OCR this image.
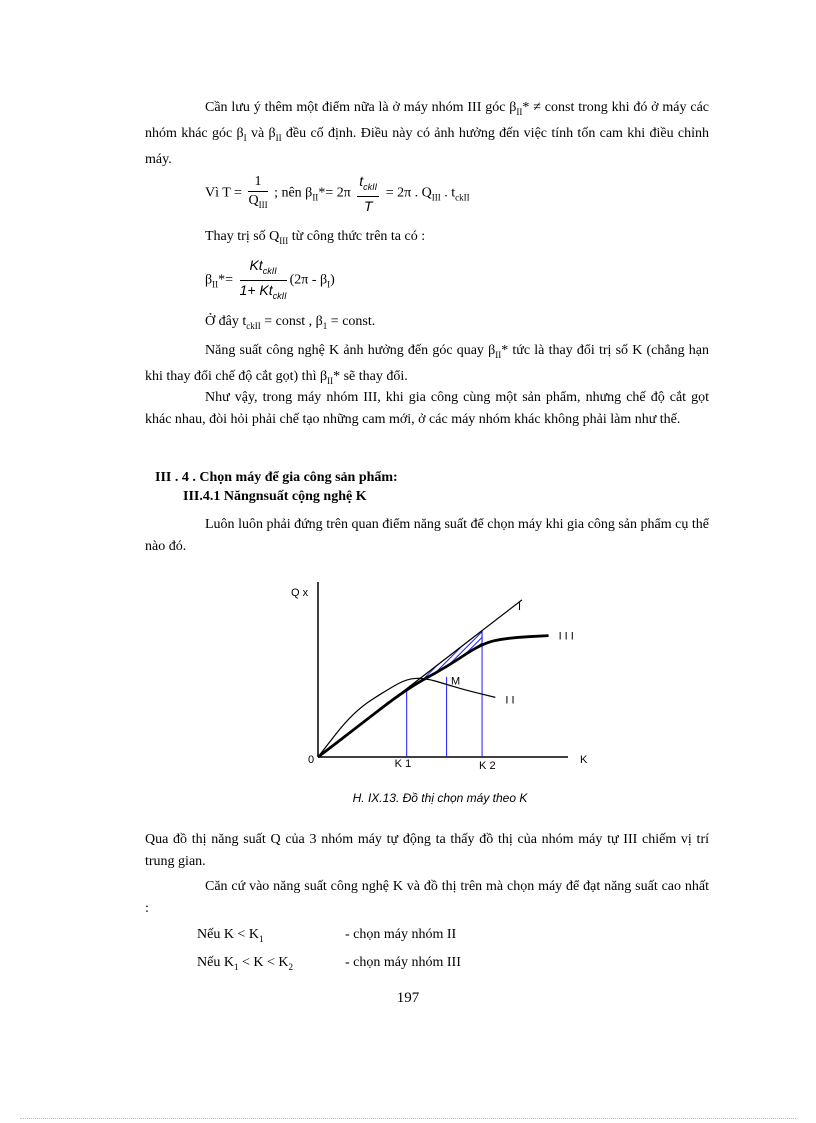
Cần lưu ý thêm một điểm nữa là ở máy nhóm III góc $\beta_{II}*$ ≠ const trong khi đó ở máy các nhóm khác góc $\beta_I$ và $\beta_{II}$ đều cố định. Điều này có ảnh hưởng đến việc tính tốn cam khi điều chỉnh máy.

Vì $T = \frac{1}{Q_{III}}$ ; nên $\beta_{II}*= 2\pi \frac{t_{ckII}}{T} = 2\pi$ . $Q_{III}$ . $t_{ckII}$
Thay trị số $Q_{III}$ từ công thức trên ta có :
$\beta_{II}*= \frac{Kt_{ckII}}{1+ Kt_{ckII}} (2\pi - \beta_I)$
Ở đây $t_{ckII}$ = const , $\beta_1$ = const.

Năng suất công nghệ K ảnh hưởng đến góc quay $\beta_{II}*$ tức là thay đổi trị số K (chẳng hạn khi thay đổi chế độ cắt gọt) thì $\beta_{II}*$ sẽ thay đổi.

Như vậy, trong máy nhóm III, khi gia công cùng một sản phẩm, nhưng chế độ cắt gọt khác nhau, đòi hỏi phải chế tạo những cam mới, ở các máy nhóm khác không phải làm như thế.

III . 4 . Chọn máy để gia công sản phẩm:
III.4.1 Năngnsuất cộng nghệ K

Luôn luôn phải đứng trên quan điểm năng suất để chọn máy khi gia công sản phẩm cụ thể nào đó.

Q x
K
0	K 1	K 2
M
I
I I
I I I
H. IX.13. Đồ thị chọn máy theo K

Qua đồ thị năng suất Q của 3 nhóm máy tự động ta thấy đồ thị của nhóm máy tự III chiếm vị trí trung gian.

Căn cứ vào năng suất công nghệ K và đồ thị trên mà chọn máy để đạt năng suất cao nhất :

Nếu $K < K_1$	- chọn máy nhóm II
Nếu $K_1 < K < K_2$	- chọn máy nhóm III
197
